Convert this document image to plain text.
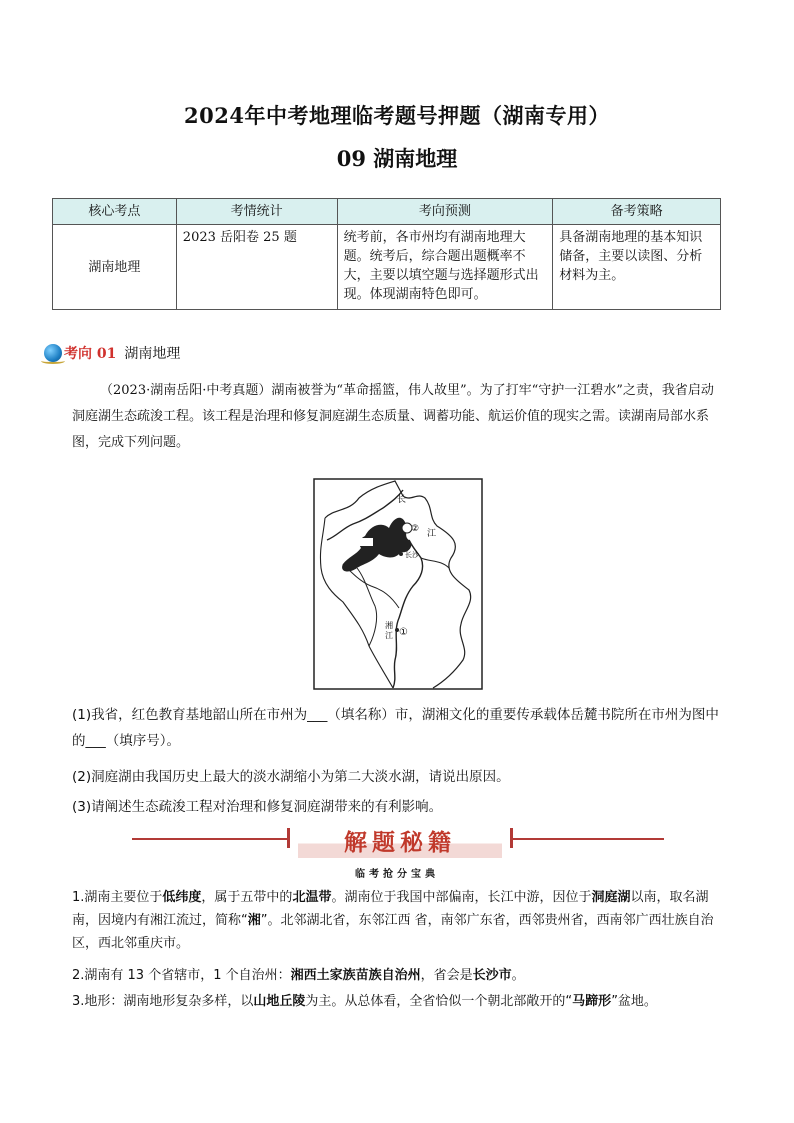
2024年中考地理临考题号押题（湖南专用）
09 湖南地理
核心考点	考情统计	考向预测	备考策略
湖南地理	2023 岳阳卷 25 题	统考前，各市州均有湖南地理大题。统考后，综合题出题概率不大，主要以填空题与选择题形式出现。体现湖南特色即可。	具备湖南地理的基本知识储备，主要以读图、分析材料为主。
考向 01 湖南地理
（2023·湖南岳阳·中考真题）湖南被誉为“革命摇篮，伟人故里”。为了打牢“守护一江碧水”之责，我省启动洞庭湖生态疏浚工程。该工程是治理和修复洞庭湖生态质量、调蓄功能、航运价值的现实之需。读湖南局部水系图，完成下列问题。
长
江
②
长沙
湘
江 ①
(1)我省，红色教育基地韶山所在市州为___（填名称）市，湖湘文化的重要传承载体岳麓书院所在市州为图中的___（填序号）。
(2)洞庭湖由我国历史上最大的淡水湖缩小为第二大淡水湖，请说出原因。
(3)请阐述生态疏浚工程对治理和修复洞庭湖带来的有利影响。
解题秘籍
临考抢分宝典
1.湖南主要位于低纬度，属于五带中的北温带。湖南位于我国中部偏南，长江中游，因位于洞庭湖以南，取名湖南，因境内有湘江流过，简称“湘”。北邻湖北省，东邻江西 省，南邻广东省，西邻贵州省，西南邻广西壮族自治区，西北邻重庆市。
2.湖南有 13 个省辖市，1 个自治州：湘西土家族苗族自治州，省会是长沙市。
3.地形：湖南地形复杂多样，以山地丘陵为主。从总体看，全省恰似一个朝北部敞开的“马蹄形”盆地。
